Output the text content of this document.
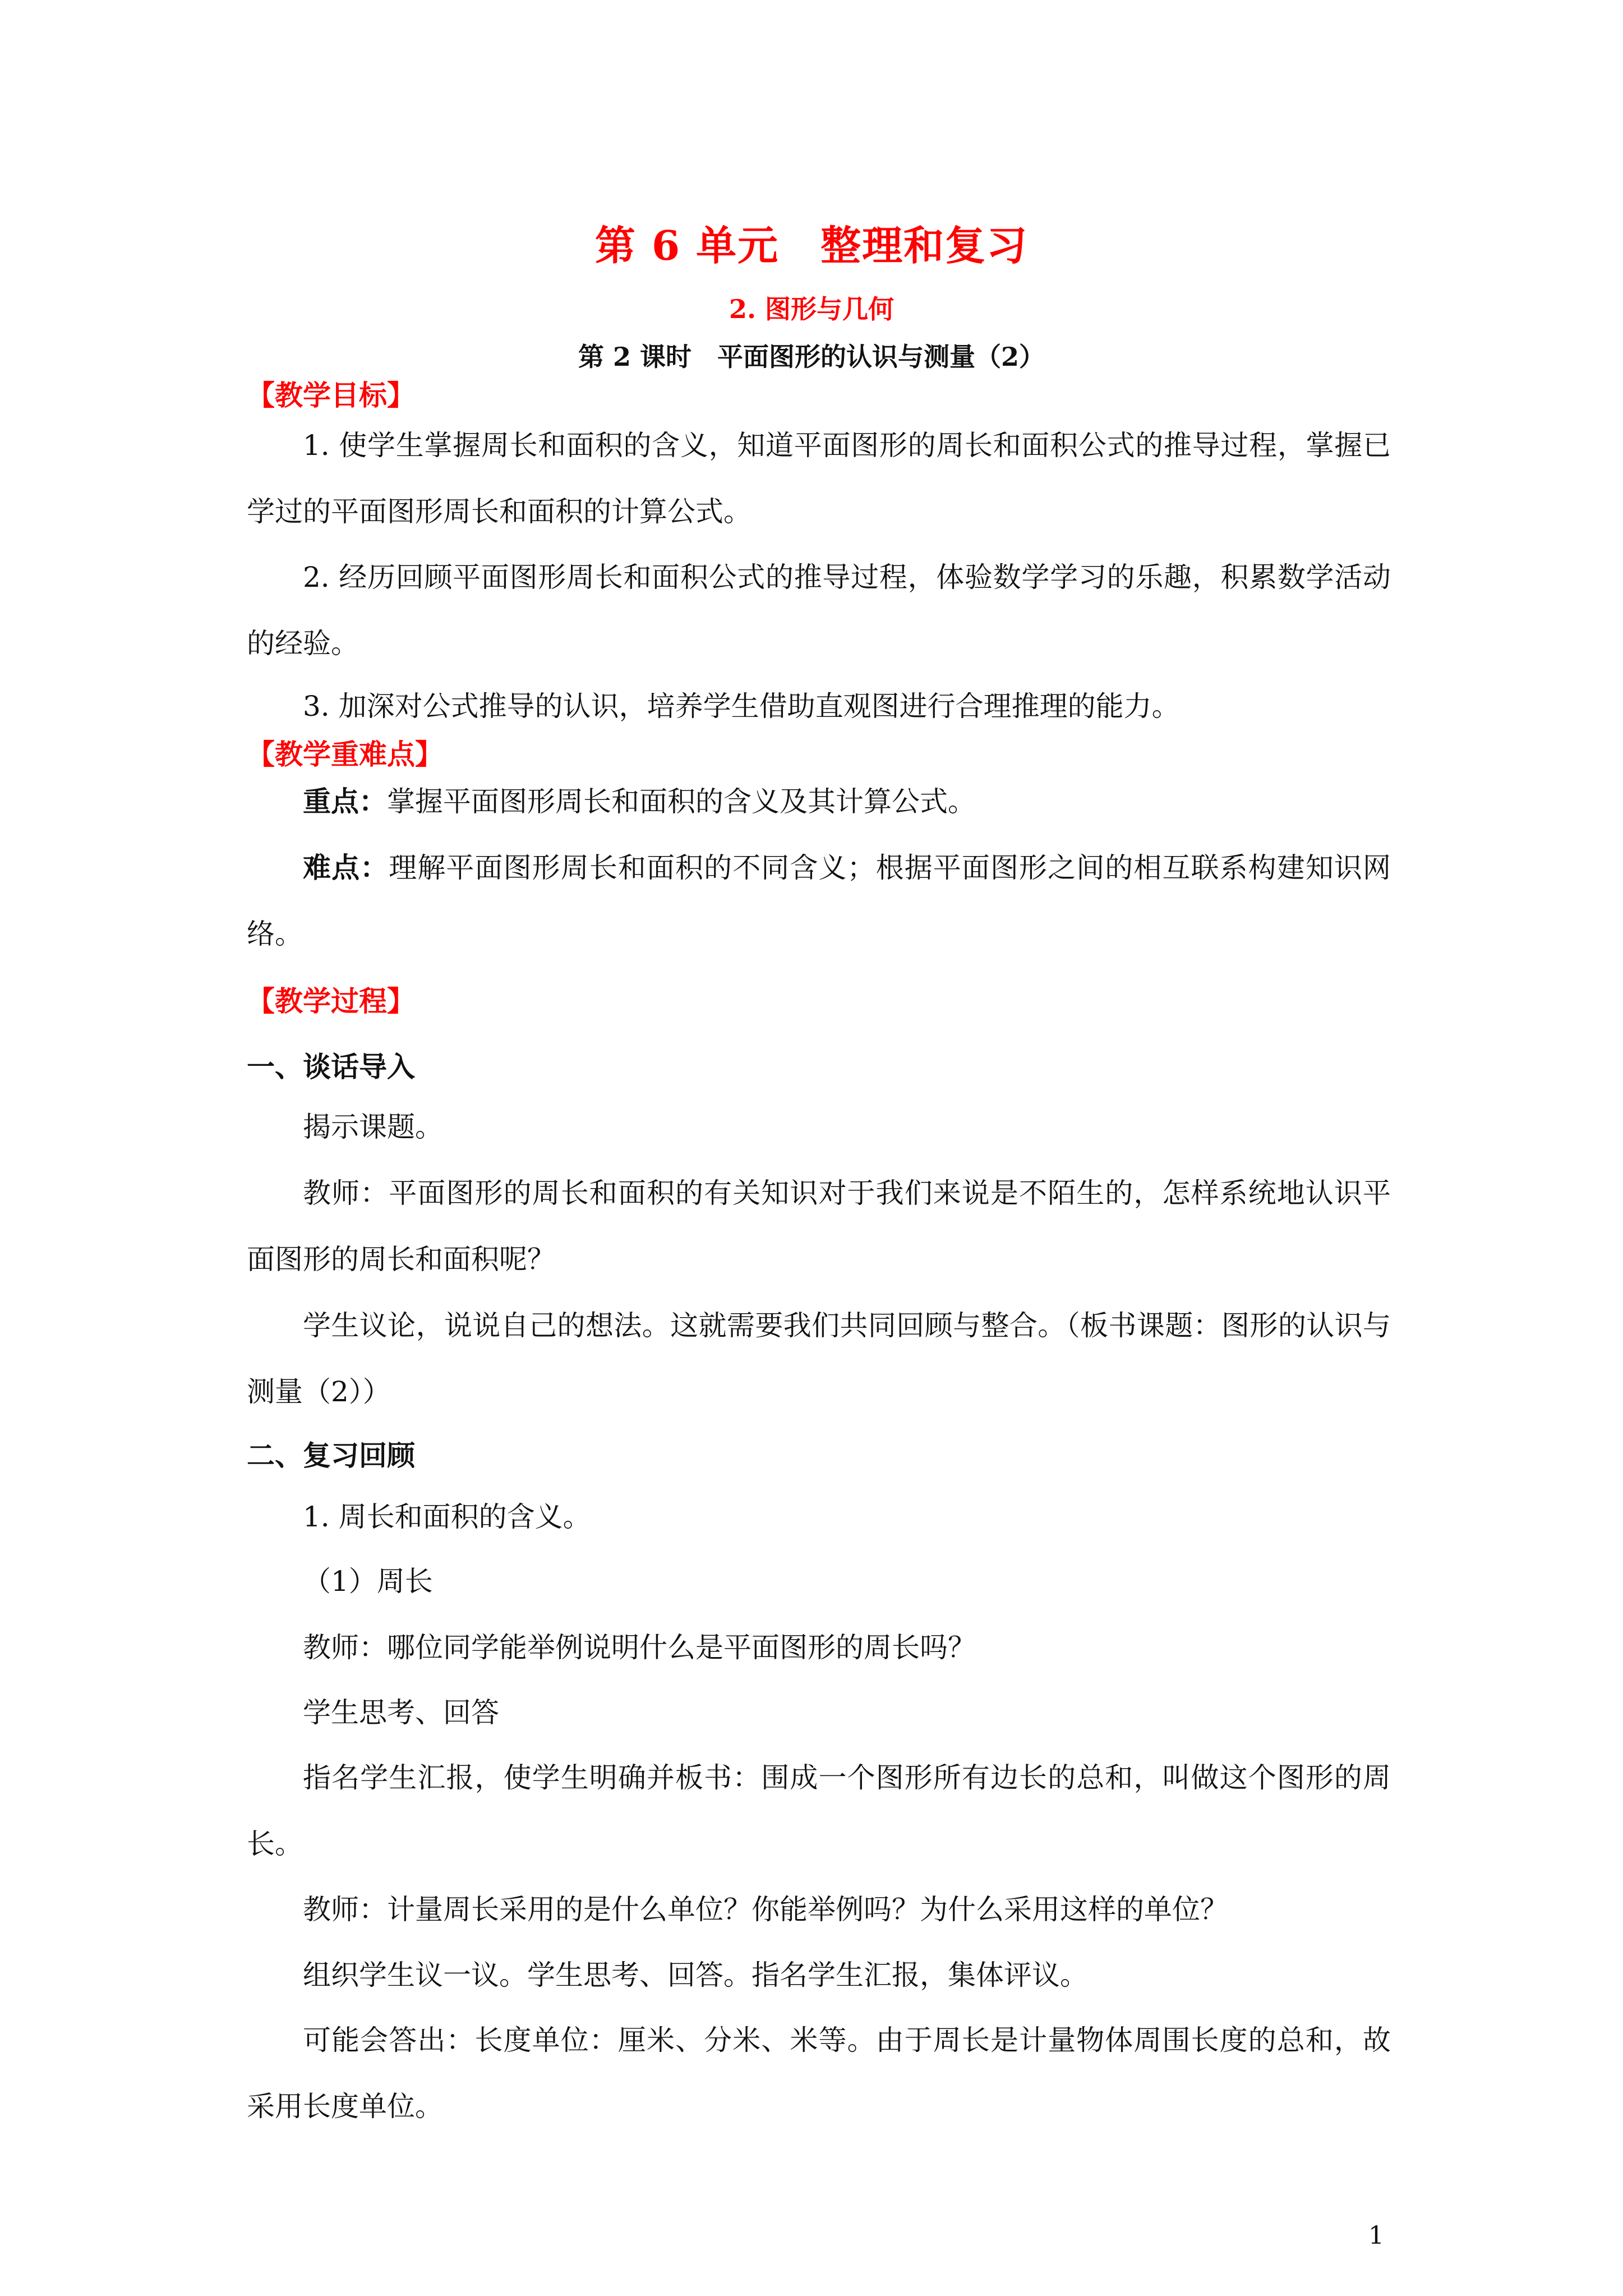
第 6 单元　整理和复习
2. 图形与几何
第 2 课时　平面图形的认识与测量（2）
【教学目标】
1. 使学生掌握周长和面积的含义，知道平面图形的周长和面积公式的推导过程，掌握已学过的平面图形周长和面积的计算公式。
2. 经历回顾平面图形周长和面积公式的推导过程，体验数学学习的乐趣，积累数学活动的经验。
3. 加深对公式推导的认识，培养学生借助直观图进行合理推理的能力。
【教学重难点】
重点：掌握平面图形周长和面积的含义及其计算公式。
难点：理解平面图形周长和面积的不同含义；根据平面图形之间的相互联系构建知识网络。
【教学过程】
一、谈话导入
揭示课题。
教师：平面图形的周长和面积的有关知识对于我们来说是不陌生的，怎样系统地认识平面图形的周长和面积呢？
学生议论，说说自己的想法。这就需要我们共同回顾与整合。（板书课题：图形的认识与测量（2））
二、复习回顾
1. 周长和面积的含义。
（1）周长
教师：哪位同学能举例说明什么是平面图形的周长吗？
学生思考、回答
指名学生汇报，使学生明确并板书：围成一个图形所有边长的总和，叫做这个图形的周长。
教师：计量周长采用的是什么单位？你能举例吗？为什么采用这样的单位？
组织学生议一议。学生思考、回答。指名学生汇报，集体评议。
可能会答出：长度单位：厘米、分米、米等。由于周长是计量物体周围长度的总和，故采用长度单位。
1
